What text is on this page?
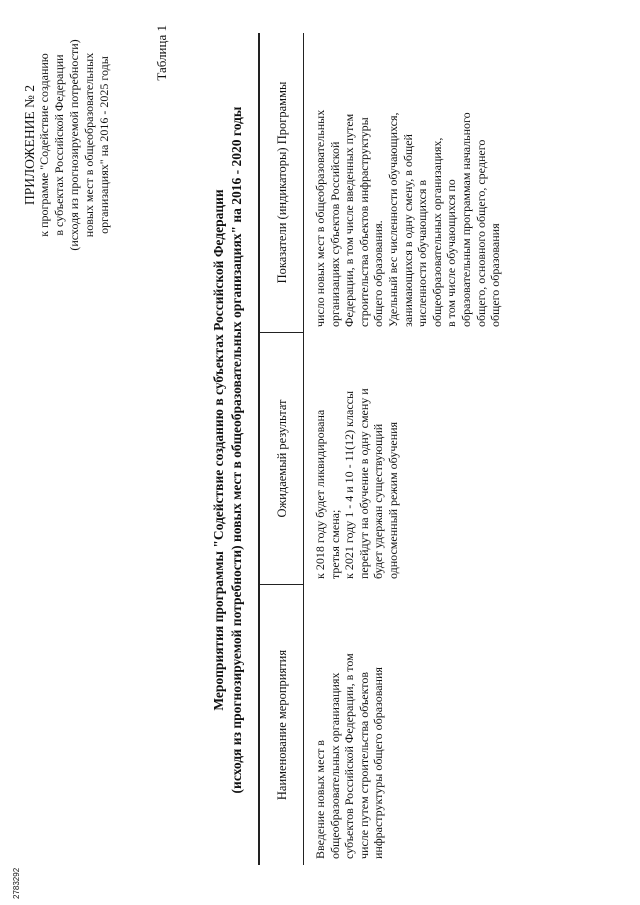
ПРИЛОЖЕНИЕ № 2 к программе "Содействие созданию в субъектах Российской Федерации (исходя из прогнозируемой потребности) новых мест в общеобразовательных организациях" на 2016 - 2025 годы
Таблица 1
Мероприятия программы "Содействие созданию в субъектах Российской Федерации (исходя из прогнозируемой потребности) новых мест в общеобразовательных организациях" на 2016 - 2020 годы Наименование мероприятия
Ожидаемый результат
Показатели (индикаторы) Программы
Введение новых мест в общеобразовательных организациях субъектов Российской Федерации, в том числе путем строительства объектов инфраструктуры общего образования
к 2018 году будет ликвидирована третья смена; к 2021 году 1 - 4 и 10 - 11(12) классы перейдут на обучение в одну смену и будет удержан существующий односменный режим обучения
число новых мест в общеобразовательных организациях субъектов Российской Федерации, в том числе введенных путем строительства объектов инфраструктуры общего образования. Удельный вес численности обучающихся, занимающихся в одну смену, в общей численности обучающихся в общеобразовательных организациях, в том числе обучающихся по образовательным программам начального общего, основного общего, среднего общего образования
2783292
